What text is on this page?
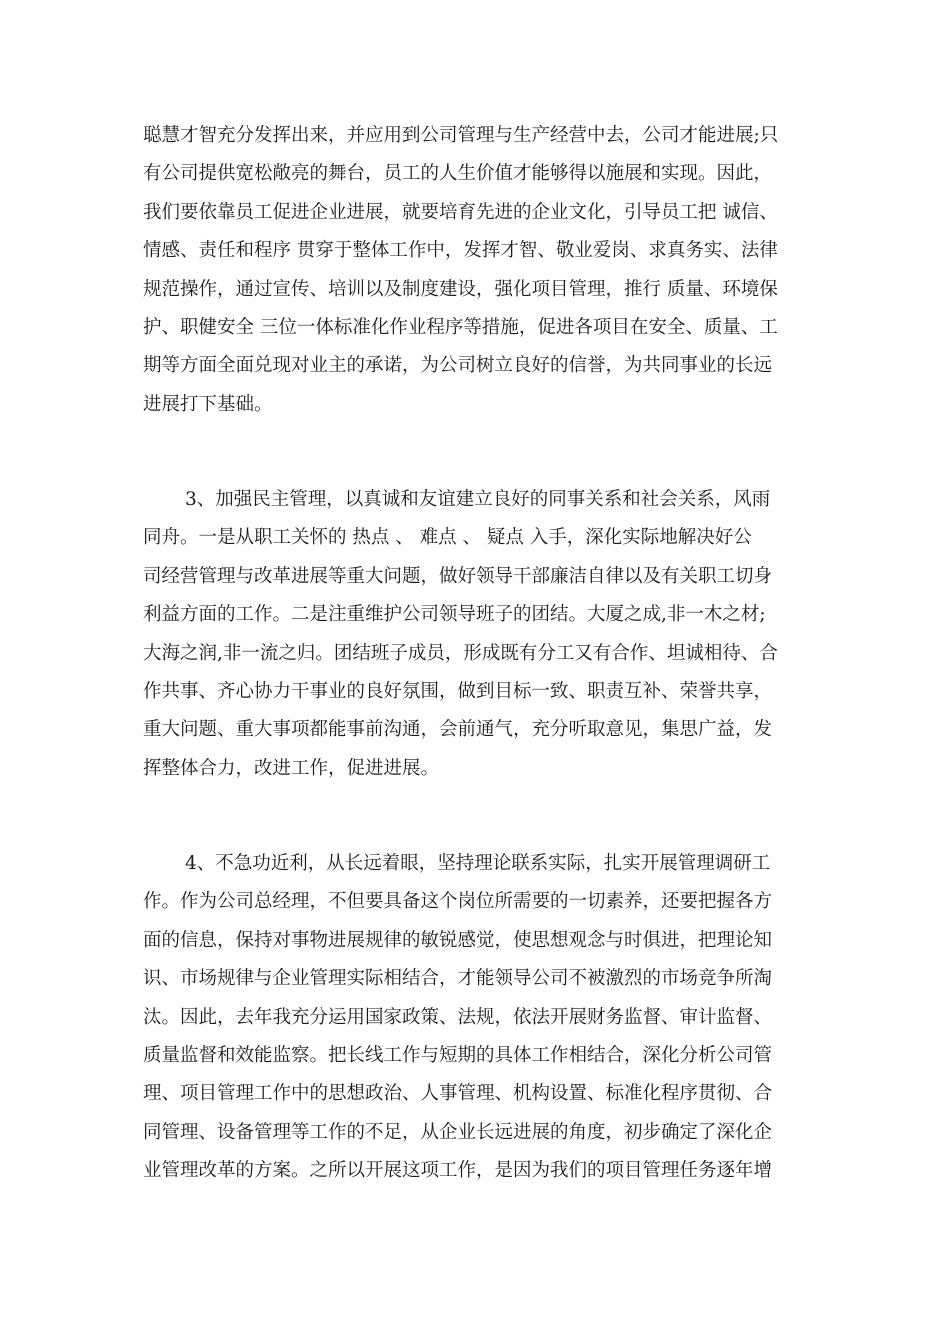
聪慧才智充分发挥出来，并应用到公司管理与生产经营中去，公司才能进展;只
有公司提供宽松敞亮的舞台，员工的人生价值才能够得以施展和实现。因此，
我们要依靠员工促进企业进展，就要培育先进的企业文化，引导员工把 诚信、
情感、责任和程序 贯穿于整体工作中，发挥才智、敬业爱岗、求真务实、法律
规范操作，通过宣传、培训以及制度建设，强化项目管理，推行 质量、环境保
护、职健安全 三位一体标准化作业程序等措施，促进各项目在安全、质量、工
期等方面全面兑现对业主的承诺，为公司树立良好的信誉，为共同事业的长远
进展打下基础。
3、加强民主管理，以真诚和友谊建立良好的同事关系和社会关系，风雨
同舟。一是从职工关怀的 热点 、 难点 、 疑点 入手，深化实际地解决好公
司经营管理与改革进展等重大问题，做好领导干部廉洁自律以及有关职工切身
利益方面的工作。二是注重维护公司领导班子的团结。大厦之成,非一木之材;
大海之润,非一流之归。团结班子成员，形成既有分工又有合作、坦诚相待、合
作共事、齐心协力干事业的良好氛围，做到目标一致、职责互补、荣誉共享，
重大问题、重大事项都能事前沟通，会前通气，充分听取意见，集思广益，发
挥整体合力，改进工作，促进进展。
4、不急功近利，从长远着眼，坚持理论联系实际，扎实开展管理调研工
作。作为公司总经理，不但要具备这个岗位所需要的一切素养，还要把握各方
面的信息，保持对事物进展规律的敏锐感觉，使思想观念与时俱进，把理论知
识、市场规律与企业管理实际相结合，才能领导公司不被激烈的市场竞争所淘
汰。因此，去年我充分运用国家政策、法规，依法开展财务监督、审计监督、
质量监督和效能监察。把长线工作与短期的具体工作相结合，深化分析公司管
理、项目管理工作中的思想政治、人事管理、机构设置、标准化程序贯彻、合
同管理、设备管理等工作的不足，从企业长远进展的角度，初步确定了深化企
业管理改革的方案。之所以开展这项工作，是因为我们的项目管理任务逐年增
